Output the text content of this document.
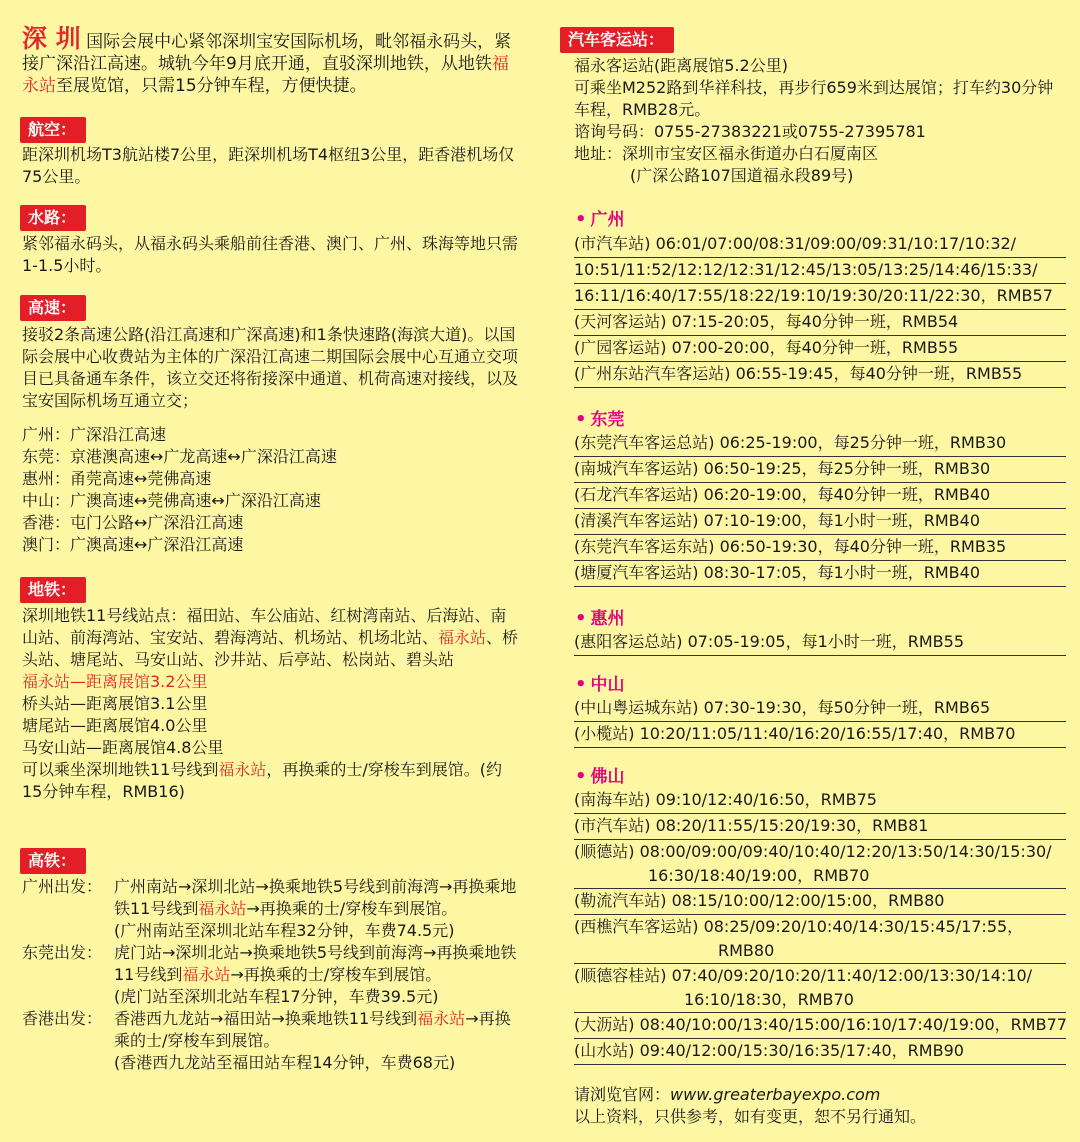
深 圳 国际会展中心紧邻深圳宝安国际机场，毗邻福永码头，紧接广深沿江高速。城轨今年9月底开通，直驳深圳地铁，从地铁福永站至展览馆，只需15分钟车程，方便快捷。
航空：
距深圳机场T3航站楼7公里，距深圳机场T4枢纽3公里，距香港机场仅75公里。
水路：
紧邻福永码头，从福永码头乘船前往香港、澳门、广州、珠海等地只需1-1.5小时。
高速：
接驳2条高速公路(沿江高速和广深高速)和1条快速路(海滨大道)。以国际会展中心收费站为主体的广深沿江高速二期国际会展中心互通立交项目已具备通车条件，该立交还将衔接深中通道、机荷高速对接线，以及宝安国际机场互通立交；
广州：广深沿江高速
东莞：京港澳高速↔广龙高速↔广深沿江高速
惠州：甬莞高速↔莞佛高速
中山：广澳高速↔莞佛高速↔广深沿江高速
香港：屯门公路↔广深沿江高速
澳门：广澳高速↔广深沿江高速
地铁：
深圳地铁11号线站点：福田站、车公庙站、红树湾南站、后海站、南山站、前海湾站、宝安站、碧海湾站、机场站、机场北站、福永站、桥头站、塘尾站、马安山站、沙井站、后亭站、松岗站、碧头站
福永站—距离展馆3.2公里
桥头站—距离展馆3.1公里
塘尾站—距离展馆4.0公里
马安山站—距离展馆4.8公里
可以乘坐深圳地铁11号线到福永站，再换乘的士/穿梭车到展馆。(约15分钟车程，RMB16)
高铁：
广州出发： 广州南站→深圳北站→换乘地铁5号线到前海湾→再换乘地铁11号线到福永站→再换乘的士/穿梭车到展馆。
(广州南站至深圳北站车程32分钟，车费74.5元)
东莞出发： 虎门站→深圳北站→换乘地铁5号线到前海湾→再换乘地铁11号线到福永站→再换乘的士/穿梭车到展馆。
(虎门站至深圳北站车程17分钟，车费39.5元)
香港出发： 香港西九龙站→福田站→换乘地铁11号线到福永站→再换乘的士/穿梭车到展馆。
(香港西九龙站至福田站车程14分钟，车费68元)
汽车客运站：
福永客运站(距离展馆5.2公里)
可乘坐M252路到华祥科技，再步行659米到达展馆；打车约30分钟车程，RMB28元。
谘询号码：0755-27383221或0755-27395781
地址：深圳市宝安区福永街道办白石厦南区
(广深公路107国道福永段89号)
• 广州
(市汽车站) 06:01/07:00/08:31/09:00/09:31/10:17/10:32/
10:51/11:52/12:12/12:31/12:45/13:05/13:25/14:46/15:33/
16:11/16:40/17:55/18:22/19:10/19:30/20:11/22:30，RMB57
(天河客运站) 07:15-20:05，每40分钟一班，RMB54
(广园客运站) 07:00-20:00，每40分钟一班，RMB55
(广州东站汽车客运站) 06:55-19:45，每40分钟一班，RMB55
• 东莞
(东莞汽车客运总站) 06:25-19:00，每25分钟一班，RMB30
(南城汽车客运站) 06:50-19:25，每25分钟一班，RMB30
(石龙汽车客运站) 06:20-19:00，每40分钟一班，RMB40
(清溪汽车客运站) 07:10-19:00，每1小时一班，RMB40
(东莞汽车客运东站) 06:50-19:30，每40分钟一班，RMB35
(塘厦汽车客运站) 08:30-17:05，每1小时一班，RMB40
• 惠州
(惠阳客运总站) 07:05-19:05，每1小时一班，RMB55
• 中山
(中山粤运城东站) 07:30-19:30，每50分钟一班，RMB65
(小榄站) 10:20/11:05/11:40/16:20/16:55/17:40，RMB70
• 佛山
(南海车站) 09:10/12:40/16:50，RMB75
(市汽车站) 08:20/11:55/15:20/19:30，RMB81
(顺德站) 08:00/09:00/09:40/10:40/12:20/13:50/14:30/15:30/
16:30/18:40/19:00，RMB70
(勒流汽车站) 08:15/10:00/12:00/15:00，RMB80
(西樵汽车客运站) 08:25/09:20/10:40/14:30/15:45/17:55，
RMB80
(顺德容桂站) 07:40/09:20/10:20/11:40/12:00/13:30/14:10/
16:10/18:30，RMB70
(大沥站) 08:40/10:00/13:40/15:00/16:10/17:40/19:00，RMB77
(山水站) 09:40/12:00/15:30/16:35/17:40，RMB90
请浏览官网：www.greaterbayexpo.com
以上资料，只供参考，如有变更，恕不另行通知。
